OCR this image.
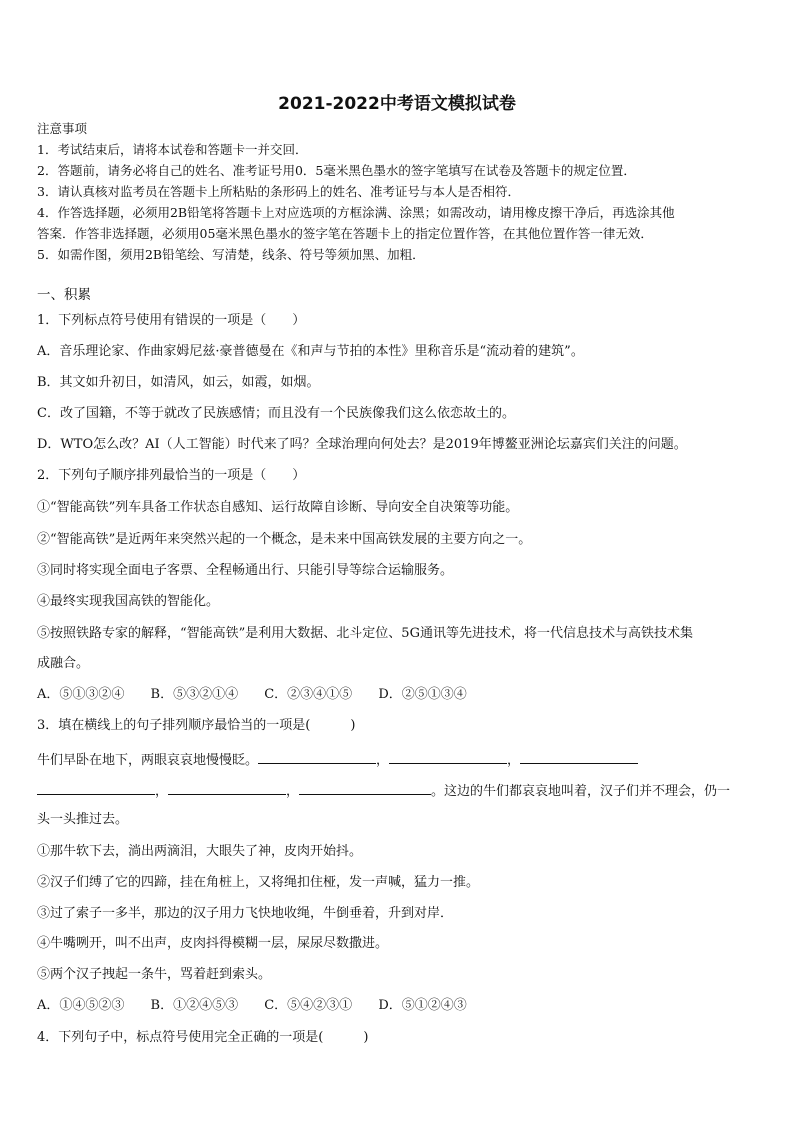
2021-2022中考语文模拟试卷
注意事项
1．考试结束后，请将本试卷和答题卡一并交回．
2．答题前，请务必将自己的姓名、准考证号用0．5毫米黑色墨水的签字笔填写在试卷及答题卡的规定位置．
3．请认真核对监考员在答题卡上所粘贴的条形码上的姓名、准考证号与本人是否相符．
4．作答选择题，必须用2B铅笔将答题卡上对应选项的方框涂满、涂黑；如需改动，请用橡皮擦干净后，再选涂其他
答案．作答非选择题，必须用05毫米黑色墨水的签字笔在答题卡上的指定位置作答，在其他位置作答一律无效．
5．如需作图，须用2B铅笔绘、写清楚，线条、符号等须加黑、加粗．
一、积累
1．下列标点符号使用有错误的一项是（　　）
A．音乐理论家、作曲家姆尼兹·豪普德曼在《和声与节拍的本性》里称音乐是“流动着的建筑”。
B．其文如升初日，如清风，如云，如霞，如烟。
C．改了国籍，不等于就改了民族感情；而且没有一个民族像我们这么依恋故土的。
D．WTO怎么改？AI（人工智能）时代来了吗？全球治理向何处去？是2019年博鳌亚洲论坛嘉宾们关注的问题。
2．下列句子顺序排列最恰当的一项是（　　）
①“智能高铁”列车具备工作状态自感知、运行故障自诊断、导向安全自决策等功能。
②“智能高铁”是近两年来突然兴起的一个概念，是未来中国高铁发展的主要方向之一。
③同时将实现全面电子客票、全程畅通出行、只能引导等综合运输服务。
④最终实现我国高铁的智能化。
⑤按照铁路专家的解释，“智能高铁”是利用大数据、北斗定位、5G通讯等先进技术，将一代信息技术与高铁技术集
成融合。
A．⑤①③②④ B．⑤③②①④ C．②③④①⑤ D．②⑤①③④
3．填在横线上的句子排列顺序最恰当的一项是(	)
牛们早卧在地下，两眼哀哀地慢慢眨。	，	，
，	，	。这边的牛们都哀哀地叫着，汉子们并不理会，仍一
头一头推过去。
①那牛软下去，淌出两滴泪，大眼失了神，皮肉开始抖。
②汉子们缚了它的四蹄，挂在角桩上，又将绳扣住桠，发一声喊，猛力一推。
③过了索子一多半，那边的汉子用力飞快地收绳，牛倒垂着，升到对岸．
④牛嘴咧开，叫不出声，皮肉抖得模糊一层，屎尿尽数撒进。
⑤两个汉子拽起一条牛，骂着赶到索头。
A．①④⑤②③ B．①②④⑤③ C．⑤④②③① D．⑤①②④③
4．下列句子中，标点符号使用完全正确的一项是(	)
